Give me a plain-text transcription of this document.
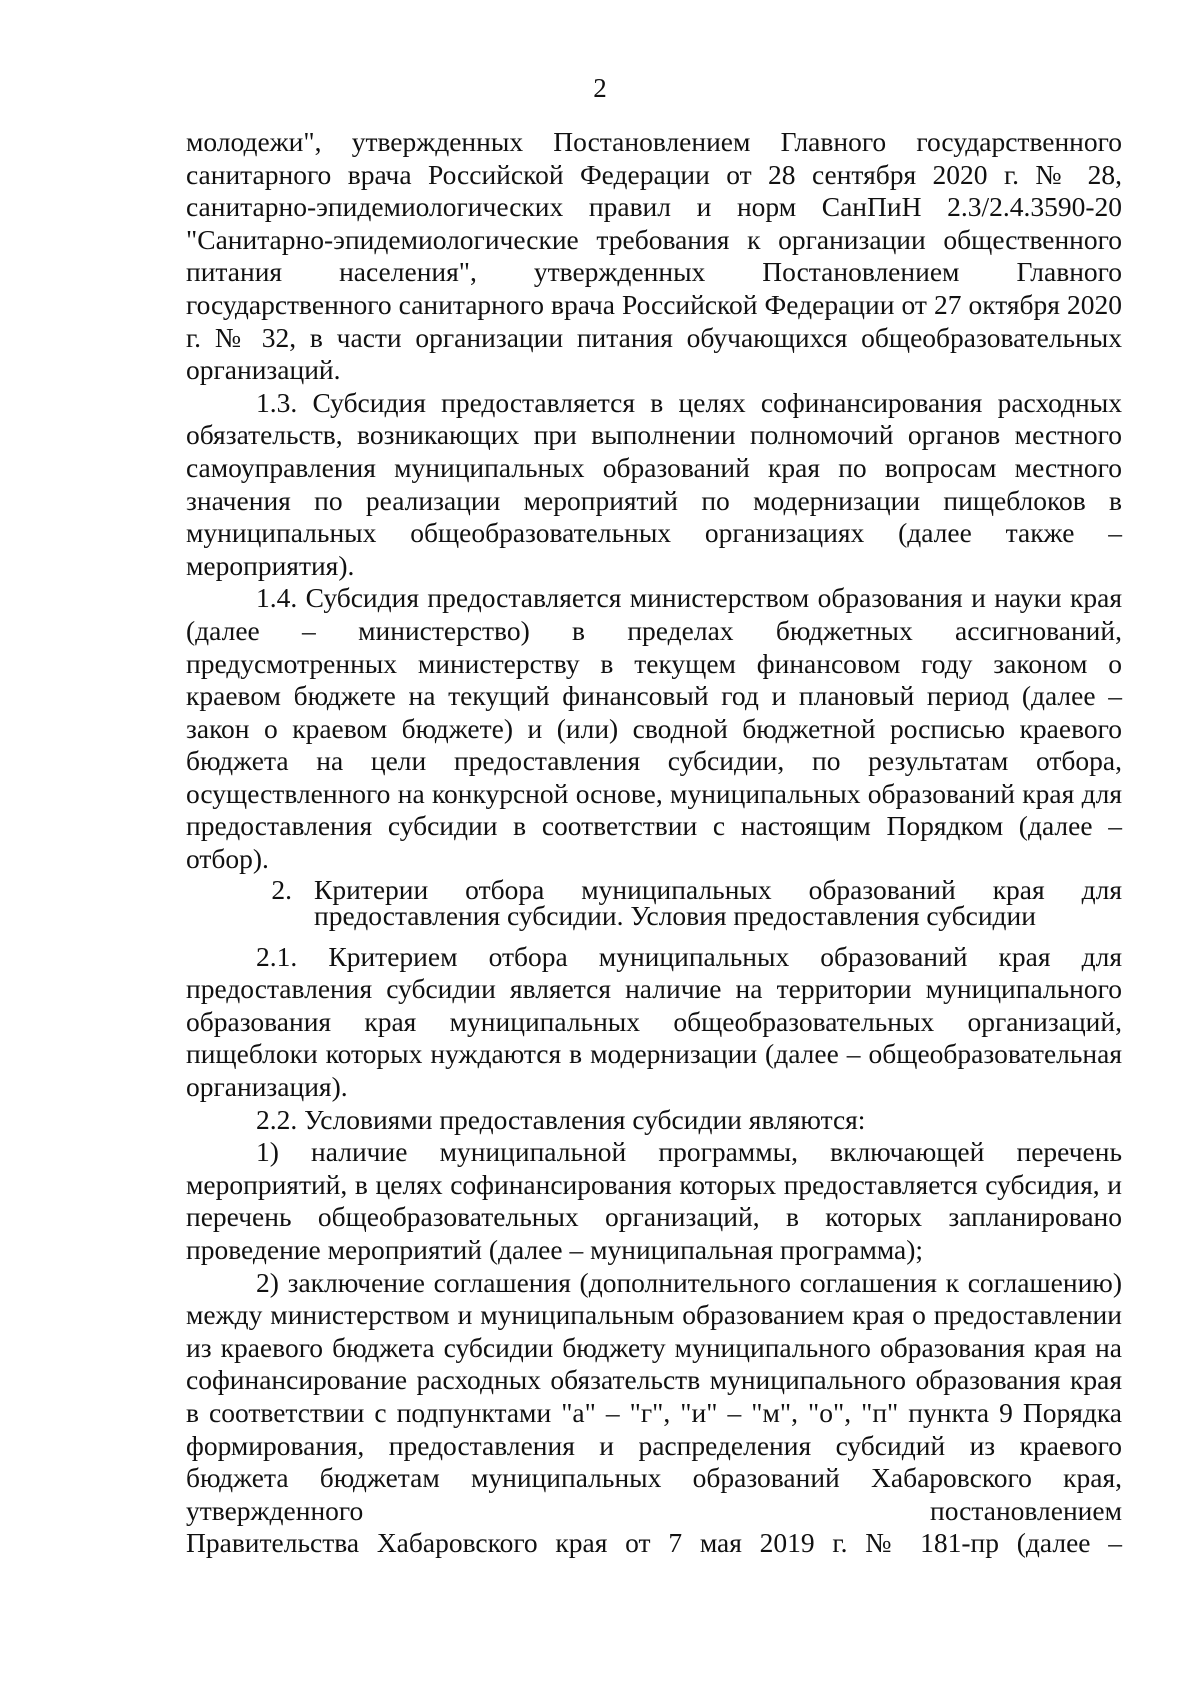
2

молодежи", утвержденных Постановлением Главного государственного санитарного врача Российской Федерации от 28 сентября 2020 г. № 28, санитарно-эпидемиологических правил и норм СанПиН 2.3/2.4.3590-20 "Санитарно-эпидемиологические требования к организации общественного питания населения", утвержденных Постановлением Главного государственного санитарного врача Российской Федерации от 27 октября 2020 г. № 32, в части организации питания обучающихся общеобразовательных организаций.

1.3. Субсидия предоставляется в целях софинансирования расходных обязательств, возникающих при выполнении полномочий органов местного самоуправления муниципальных образований края по вопросам местного значения по реализации мероприятий по модернизации пищеблоков в муниципальных общеобразовательных организациях (далее также – мероприятия).

1.4. Субсидия предоставляется министерством образования и науки края (далее – министерство) в пределах бюджетных ассигнований, предусмотренных министерству в текущем финансовом году законом о краевом бюджете на текущий финансовый год и плановый период (далее – закон о краевом бюджете) и (или) сводной бюджетной росписью краевого бюджета на цели предоставления субсидии, по результатам отбора, осуществленного на конкурсной основе, муниципальных образований края для предоставления субсидии в соответствии с настоящим Порядком (далее – отбор).

2. Критерии отбора муниципальных образований края для
предоставления субсидии. Условия предоставления субсидии

2.1. Критерием отбора муниципальных образований края для предоставления субсидии является наличие на территории муниципального образования края муниципальных общеобразовательных организаций, пищеблоки которых нуждаются в модернизации (далее – общеобразовательная организация).

2.2. Условиями предоставления субсидии являются:

1) наличие муниципальной программы, включающей перечень мероприятий, в целях софинансирования которых предоставляется субсидия, и перечень общеобразовательных организаций, в которых запланировано проведение мероприятий (далее – муниципальная программа);

2) заключение соглашения (дополнительного соглашения к соглашению) между министерством и муниципальным образованием края о предоставлении из краевого бюджета субсидии бюджету муниципального образования края на софинансирование расходных обязательств муниципального образования края в соответствии с подпунктами "а" – "г", "и" – "м", "о", "п" пункта 9 Порядка формирования, предоставления и распределения субсидий из краевого бюджета бюджетам муниципальных образований Хабаровского края, утвержденного постановлением

Правительства Хабаровского края от 7 мая 2019 г. № 181-пр (далее –
